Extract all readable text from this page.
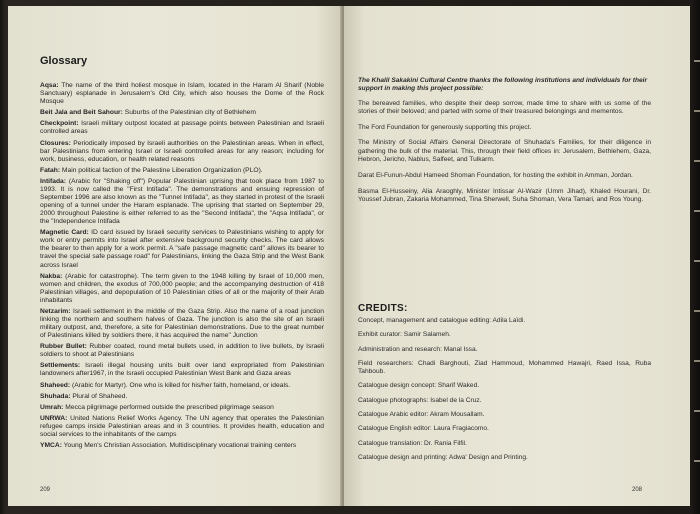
Glossary
Aqsa: The name of the third holiest mosque in Islam, located in the Haram Al Sharif (Noble Sanctuary) esplanade in Jerusalem's Old City, which also houses the Dome of the Rock Mosque
Beit Jala and Beit Sahour: Suburbs of the Palestinian city of Bethlehem
Checkpoint: Israeli military outpost located at passage points between Palestinian and Israeli controlled areas
Closures: Periodically imposed by Israeli authorities on the Palestinian areas. When in effect, bar Palestinians from entering Israel or Israeli controlled areas for any reason; including for work, business, education, or health related reasons
Fatah: Main political faction of the Palestine Liberation Organization (PLO).
Intifada: (Arabic for "Shaking off") Popular Palestinian uprising that took place from 1987 to 1993. It is now called the "First Intifada". The demonstrations and ensuing repression of September 1996 are also known as the "Tunnel Intifada", as they started in protest of the Israeli opening of a tunnel under the Haram esplanade. The uprising that started on September 29, 2000 throughout Palestine is either referred to as the "Second Intifada", the "Aqsa Intifada", or the "Independence Intifada
Magnetic Card: ID card issued by Israeli security services to Palestinians wishing to apply for work or entry permits into Israel after extensive background security checks. The card allows the bearer to then apply for a work permit. A "safe passage magnetic card" allows its bearer to travel the special safe passage road" for Palestinians, linking the Gaza Strip and the West Bank across Israel
Nakba: (Arabic for catastrophe). The term given to the 1948 killing by Israel of 10,000 men, women and children, the exodus of 700,000 people; and the accompanying destruction of 418 Palestinian villages, and depopulation of 10 Palestinian cities of all or the majority of their Arab inhabitants
Netzarim: Israeli settlement in the middle of the Gaza Strip. Also the name of a road junction linking the northern and southern halves of Gaza. The junction is also the site of an Israeli military outpost, and, therefore, a site for Palestinian demonstrations. Due to the great number of Palestinians killed by soldiers there, it has acquired the name" Junction
Rubber Bullet: Rubber coated, round metal bullets used, in addition to live bullets, by Israeli soldiers to shoot at Palestinians
Settlements: Israeli illegal housing units built over land expropriated from Palestinian landowners after1967, in the Israeli occupied Palestinian West Bank and Gaza areas
Shaheed: (Arabic for Martyr). One who is killed for his/her faith, homeland, or ideals.
Shuhada: Plural of Shaheed.
Umrah: Mecca pilgrimage performed outside the prescribed pilgrimage season
UNRWA: United Nations Relief Works Agency. The UN agency that operates the Palestinian refugee camps inside Palestinian areas and in 3 countries. It provides health, education and social services to the inhabitants of the camps
YMCA: Young Men's Christian Association. Multidisciplinary vocational training centers
209

The Khalil Sakakini Cultural Centre thanks the following institutions and individuals for their support in making this project possible:

The bereaved families, who despite their deep sorrow, made time to share with us some of the stories of their beloved; and parted with some of their treasured belongings and mementos.

The Ford Foundation for generously supporting this project.

The Ministry of Social Affairs General Directorate of Shuhada's Families, for their diligence in gathering the bulk of the material. This, through their field offices in: Jerusalem, Bethlehem, Gaza, Hebron, Jericho, Nablus, Salfeet, and Tulkarm.

Darat El-Funun-Abdul Hameed Shoman Foundation, for hosting the exhibit in Amman, Jordan.

Basma El-Husseiny, Alia Araoghly, Minister Intissar Al-Wazir (Umm Jihad), Khaled Hourani, Dr. Youssef Jubran, Zakaria Mohammed, Tina Sherwell, Suha Shoman, Vera Tamari, and Ros Young.

CREDITS:
Concept, management and catalogue editing: Adila Laïdi.
Exhibit curator: Samir Salameh.
Administration and research: Manal Issa.
Field researchers: Chadi Barghouti, Ziad Hammoud, Mohammed Hawajri, Raed Issa, Ruba Tahboub.
Catalogue design concept: Sharif Waked.
Catalogue photographs: Isabel de la Cruz.
Catalogue Arabic editor: Akram Mousallam.
Catalogue English editor: Laura Fragiacomo.
Catalogue translation: Dr. Rania Filfil.
Catalogue design and printing: Adwa' Design and Printing.
208
